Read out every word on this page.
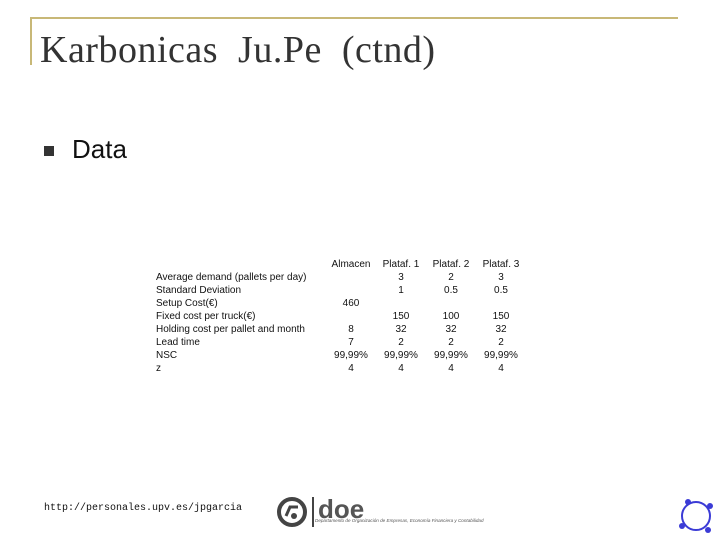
Karbonicas  Ju.Pe  (ctnd)
Data
	Almacen	Plataf. 1	Plataf. 2	Plataf. 3
Average demand (pallets per day)		3	2	3
Standard Deviation		1	0.5	0.5
Setup Cost(€)	460			
Fixed cost per truck(€)		150	100	150
Holding cost per pallet and month	8	32	32	32
Lead time	7	2	2	2
NSC	99,99%	99,99%	99,99%	99,99%
z	4	4	4	4
http://personales.upv.es/jpgarcia	doe
Departamento de Organización de Empresas, Economía Financiera y Contabilidad
